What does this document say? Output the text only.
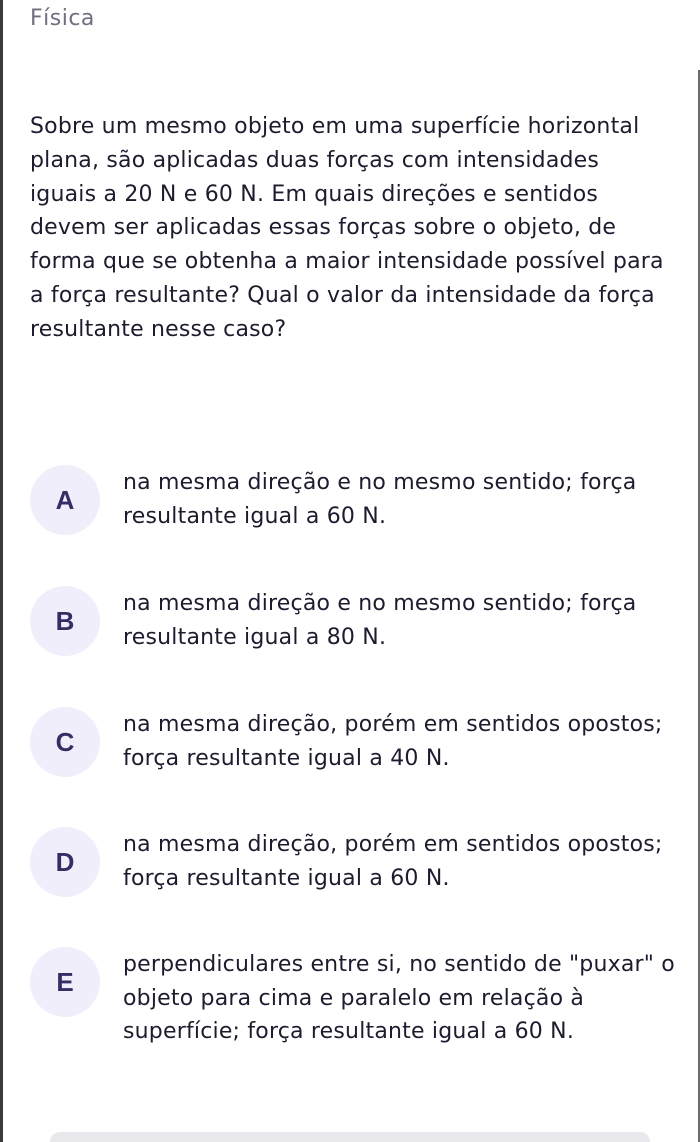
Física
Sobre um mesmo objeto em uma superfície horizontal plana, são aplicadas duas forças com intensidades iguais a 20 N e 60 N. Em quais direções e sentidos devem ser aplicadas essas forças sobre o objeto, de forma que se obtenha a maior intensidade possível para a força resultante? Qual o valor da intensidade da força resultante nesse caso?
A
na mesma direção e no mesmo sentido; força resultante igual a 60 N.
B
na mesma direção e no mesmo sentido; força resultante igual a 80 N.
C
na mesma direção, porém em sentidos opostos; força resultante igual a 40 N.
D
na mesma direção, porém em sentidos opostos; força resultante igual a 60 N.
E
perpendiculares entre si, no sentido de "puxar" o objeto para cima e paralelo em relação à superfície; força resultante igual a 60 N.
